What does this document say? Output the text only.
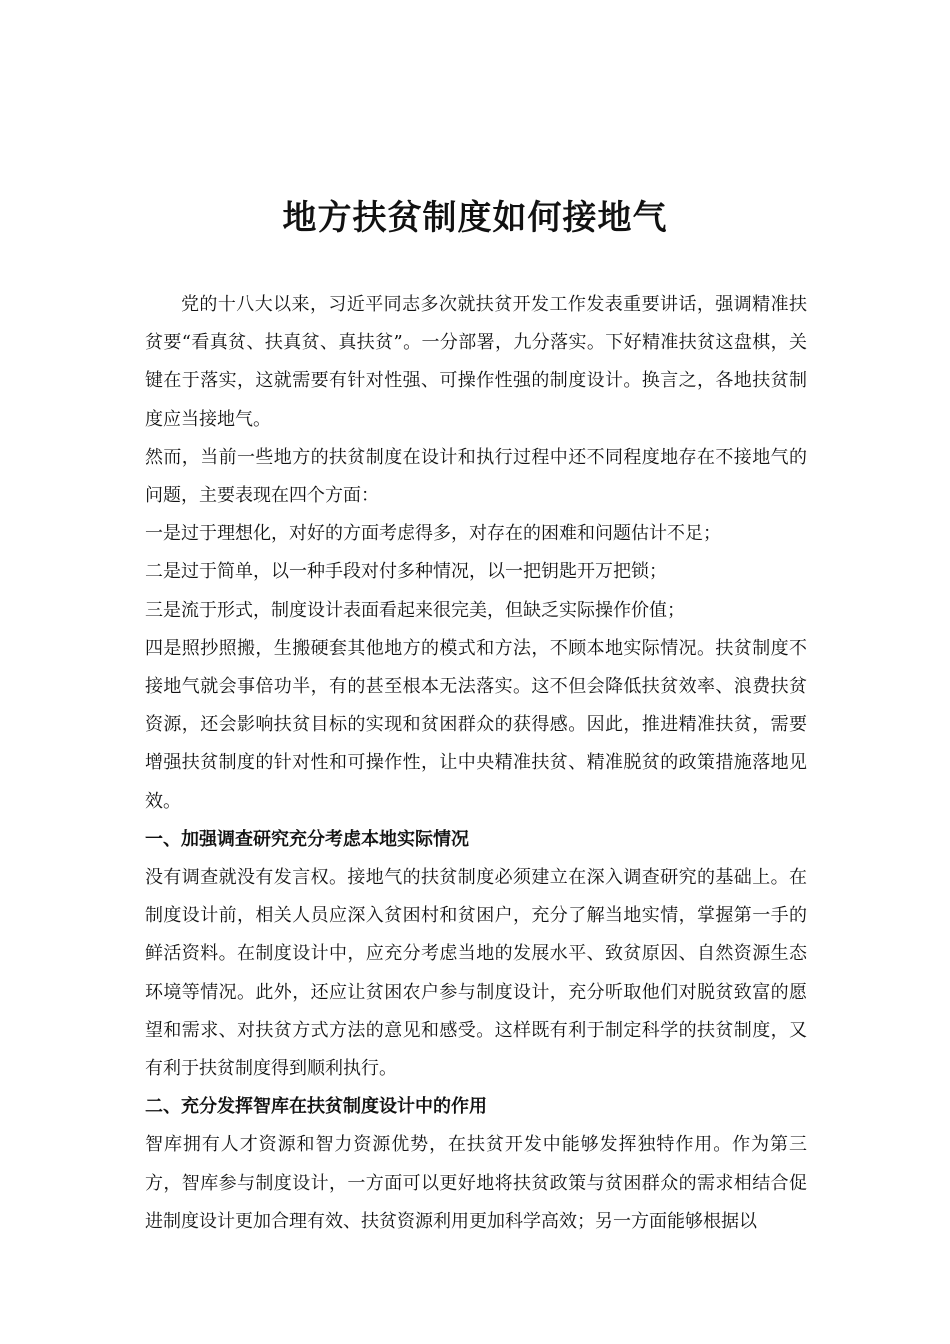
地方扶贫制度如何接地气

党的十八大以来，习近平同志多次就扶贫开发工作发表重要讲话，强调精准扶贫要“看真贫、扶真贫、真扶贫”。一分部署，九分落实。下好精准扶贫这盘棋，关键在于落实，这就需要有针对性强、可操作性强的制度设计。换言之，各地扶贫制度应当接地气。

然而，当前一些地方的扶贫制度在设计和执行过程中还不同程度地存在不接地气的问题，主要表现在四个方面：

一是过于理想化，对好的方面考虑得多，对存在的困难和问题估计不足；

二是过于简单，以一种手段对付多种情况，以一把钥匙开万把锁；

三是流于形式，制度设计表面看起来很完美，但缺乏实际操作价值；

四是照抄照搬，生搬硬套其他地方的模式和方法，不顾本地实际情况。扶贫制度不接地气就会事倍功半，有的甚至根本无法落实。这不但会降低扶贫效率、浪费扶贫资源，还会影响扶贫目标的实现和贫困群众的获得感。因此，推进精准扶贫，需要增强扶贫制度的针对性和可操作性，让中央精准扶贫、精准脱贫的政策措施落地见效。

一、加强调查研究充分考虑本地实际情况

没有调查就没有发言权。接地气的扶贫制度必须建立在深入调查研究的基础上。在制度设计前，相关人员应深入贫困村和贫困户，充分了解当地实情，掌握第一手的鲜活资料。在制度设计中，应充分考虑当地的发展水平、致贫原因、自然资源生态环境等情况。此外，还应让贫困农户参与制度设计，充分听取他们对脱贫致富的愿望和需求、对扶贫方式方法的意见和感受。这样既有利于制定科学的扶贫制度，又有利于扶贫制度得到顺利执行。

二、充分发挥智库在扶贫制度设计中的作用

智库拥有人才资源和智力资源优势，在扶贫开发中能够发挥独特作用。作为第三方，智库参与制度设计，一方面可以更好地将扶贫政策与贫困群众的需求相结合促进制度设计更加合理有效、扶贫资源利用更加科学高效；另一方面能够根据以
